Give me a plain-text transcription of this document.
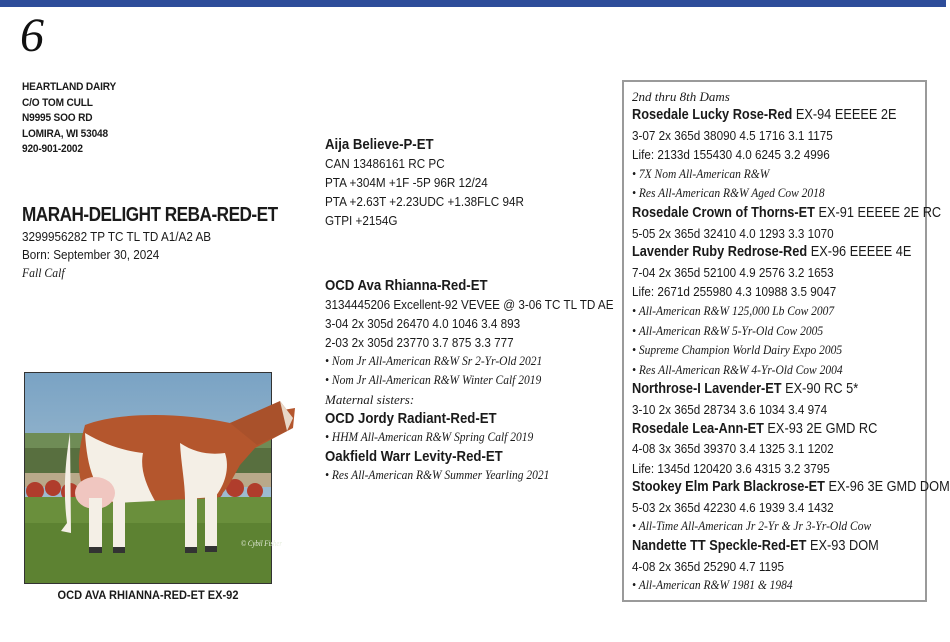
6
HEARTLAND DAIRY
C/O TOM CULL
N9995 SOO RD
LOMIRA, WI 53048
920-901-2002
MARAH-DELIGHT REBA-RED-ET
3299956282 TP TC TL TD A1/A2 AB
Born: September 30, 2024
Fall Calf
© Cybil Fisher
OCD AVA RHIANNA-RED-ET EX-92
Aija Believe-P-ET
CAN 13486161 RC PC
PTA +304M +1F -5P 96R 12/24
PTA +2.63T +2.23UDC +1.38FLC 94R
GTPI +2154G
OCD Ava Rhianna-Red-ET
3134445206 Excellent-92 VEVEE @ 3-06 TC TL TD AE
3-04 2x 305d 26470 4.0 1046 3.4 893
2-03 2x 305d 23770 3.7 875 3.3 777
• Nom Jr All-American R&W Sr 2-Yr-Old 2021
• Nom Jr All-American R&W Winter Calf 2019
Maternal sisters:
OCD Jordy Radiant-Red-ET
• HHM All-American R&W Spring Calf 2019
Oakfield Warr Levity-Red-ET
• Res All-American R&W Summer Yearling 2021
2nd thru 8th Dams
Rosedale Lucky Rose-Red EX-94 EEEEE 2E
3-07 2x 365d 38090 4.5 1716 3.1 1175
Life: 2133d 155430 4.0 6245 3.2 4996
• 7X Nom All-American R&W
• Res All-American R&W Aged Cow 2018
Rosedale Crown of Thorns-ET EX-91 EEEEE 2E RC
5-05 2x 365d 32410 4.0 1293 3.3 1070
Lavender Ruby Redrose-Red EX-96 EEEEE 4E
7-04 2x 365d 52100 4.9 2576 3.2 1653
Life: 2671d 255980 4.3 10988 3.5 9047
• All-American R&W 125,000 Lb Cow 2007
• All-American R&W 5-Yr-Old Cow 2005
• Supreme Champion World Dairy Expo 2005
• Res All-American R&W 4-Yr-Old Cow 2004
Northrose-I Lavender-ET EX-90 RC 5*
3-10 2x 365d 28734 3.6 1034 3.4 974
Rosedale Lea-Ann-ET EX-93 2E GMD RC
4-08 3x 365d 39370 3.4 1325 3.1 1202
Life: 1345d 120420 3.6 4315 3.2 3795
Stookey Elm Park Blackrose-ET EX-96 3E GMD DOM
5-03 2x 365d 42230 4.6 1939 3.4 1432
• All-Time All-American Jr 2-Yr & Jr 3-Yr-Old Cow
Nandette TT Speckle-Red-ET EX-93 DOM
4-08 2x 365d 25290 4.7 1195
• All-American R&W 1981 & 1984
